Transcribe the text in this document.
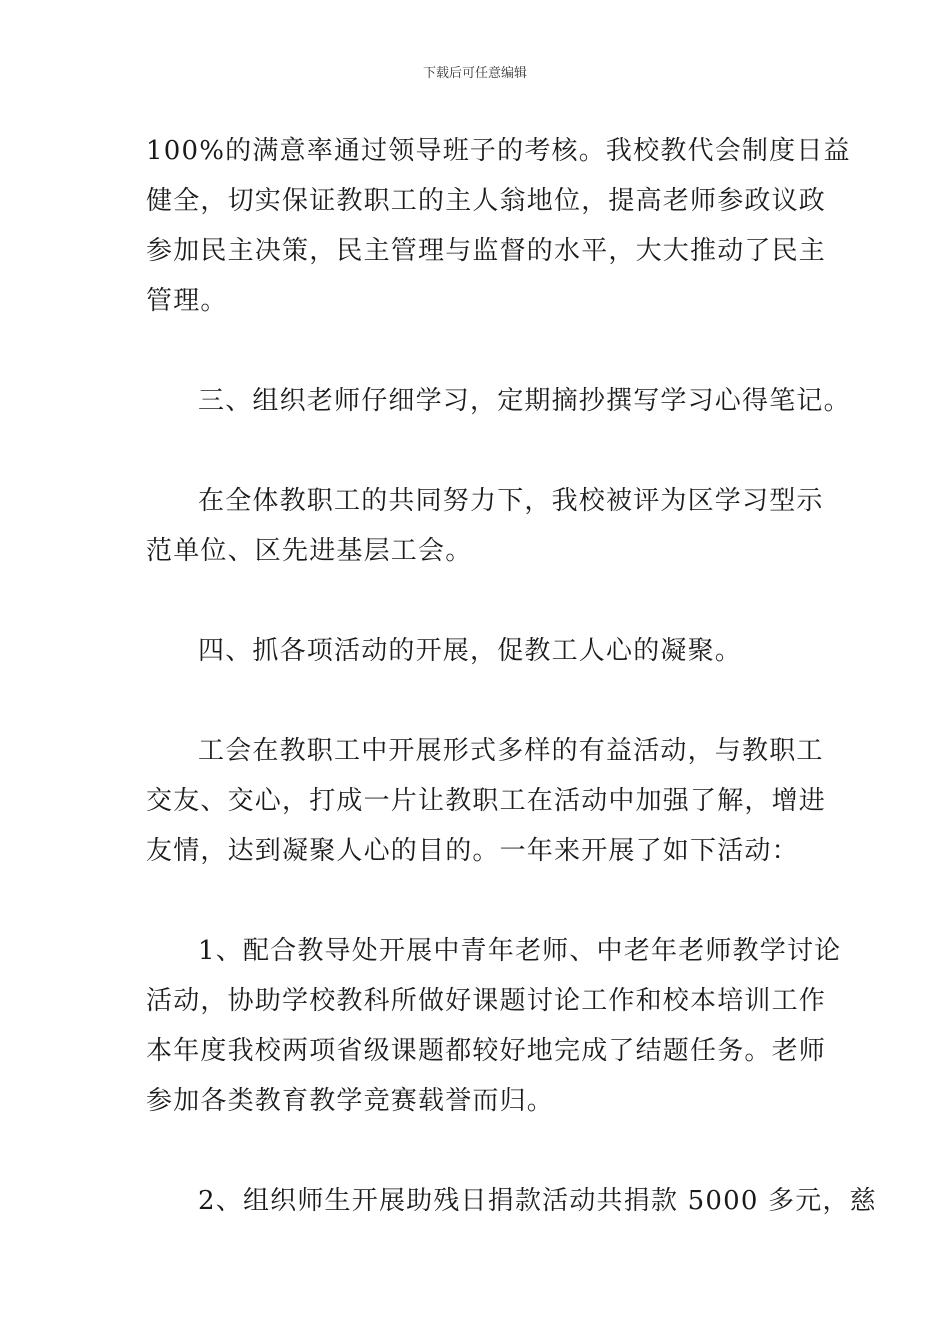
下载后可任意编辑

100%的满意率通过领导班子的考核。我校教代会制度日益
健全，切实保证教职工的主人翁地位，提高老师参政议政
参加民主决策，民主管理与监督的水平，大大推动了民主
管理。

三、组织老师仔细学习，定期摘抄撰写学习心得笔记。

在全体教职工的共同努力下，我校被评为区学习型示
范单位、区先进基层工会。

四、抓各项活动的开展，促教工人心的凝聚。

工会在教职工中开展形式多样的有益活动，与教职工
交友、交心，打成一片让教职工在活动中加强了解，增进
友情，达到凝聚人心的目的。一年来开展了如下活动：

1、配合教导处开展中青年老师、中老年老师教学讨论
活动，协助学校教科所做好课题讨论工作和校本培训工作
本年度我校两项省级课题都较好地完成了结题任务。老师
参加各类教育教学竞赛载誉而归。

2、组织师生开展助残日捐款活动共捐款 5000 多元，慈
